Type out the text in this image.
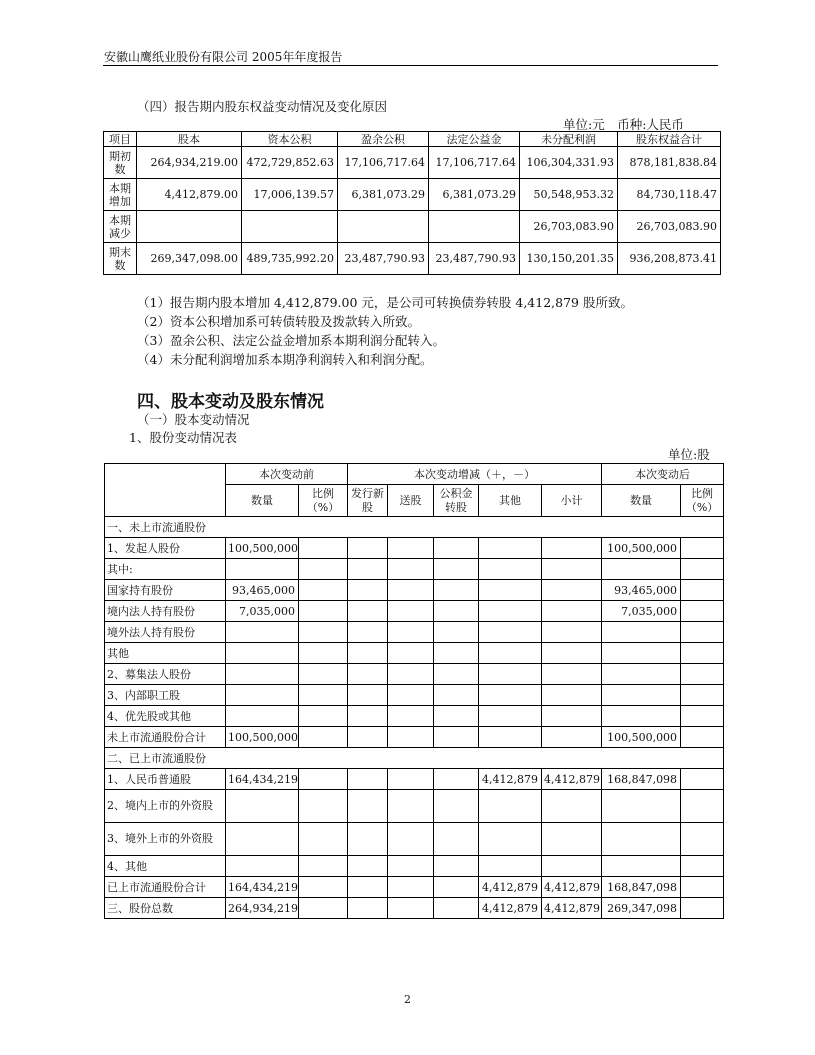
安徽山鹰纸业股份有限公司 2005年年度报告
（四）报告期内股东权益变动情况及变化原因
单位:元　币种:人民币
项目	股本	资本公积	盈余公积	法定公益金	未分配利润	股东权益合计
期初数	264,934,219.00	472,729,852.63	17,106,717.64	17,106,717.64	106,304,331.93	878,181,838.84
本期增加	4,412,879.00	17,006,139.57	6,381,073.29	6,381,073.29	50,548,953.32	84,730,118.47
本期减少					26,703,083.90	26,703,083.90
期末数	269,347,098.00	489,735,992.20	23,487,790.93	23,487,790.93	130,150,201.35	936,208,873.41
（1）报告期内股本增加 4,412,879.00 元，是公司可转换债券转股 4,412,879 股所致。
（2）资本公积增加系可转债转股及拨款转入所致。
（3）盈余公积、法定公益金增加系本期利润分配转入。
（4）未分配利润增加系本期净利润转入和利润分配。
四、股本变动及股东情况
（一）股本变动情况
1、股份变动情况表
单位:股
	本次变动前		本次变动增减（＋，－）					本次变动后	
	数量	比例（%）	发行新股	送股	公积金转股	其他	小计	数量	比例（%）
一、未上市流通股份									
1、发起人股份	100,500,000							100,500,000	
其中:									
国家持有股份	93,465,000							93,465,000	
境内法人持有股份	7,035,000							7,035,000	
境外法人持有股份									
其他									
2、募集法人股份									
3、内部职工股									
4、优先股或其他									
未上市流通股份合计	100,500,000							100,500,000	
二、已上市流通股份									
1、人民币普通股	164,434,219					4,412,879	4,412,879	168,847,098	
2、境内上市的外资股									
3、境外上市的外资股									
4、其他									
已上市流通股份合计	164,434,219					4,412,879	4,412,879	168,847,098	
三、股份总数	264,934,219					4,412,879	4,412,879	269,347,098	
2
